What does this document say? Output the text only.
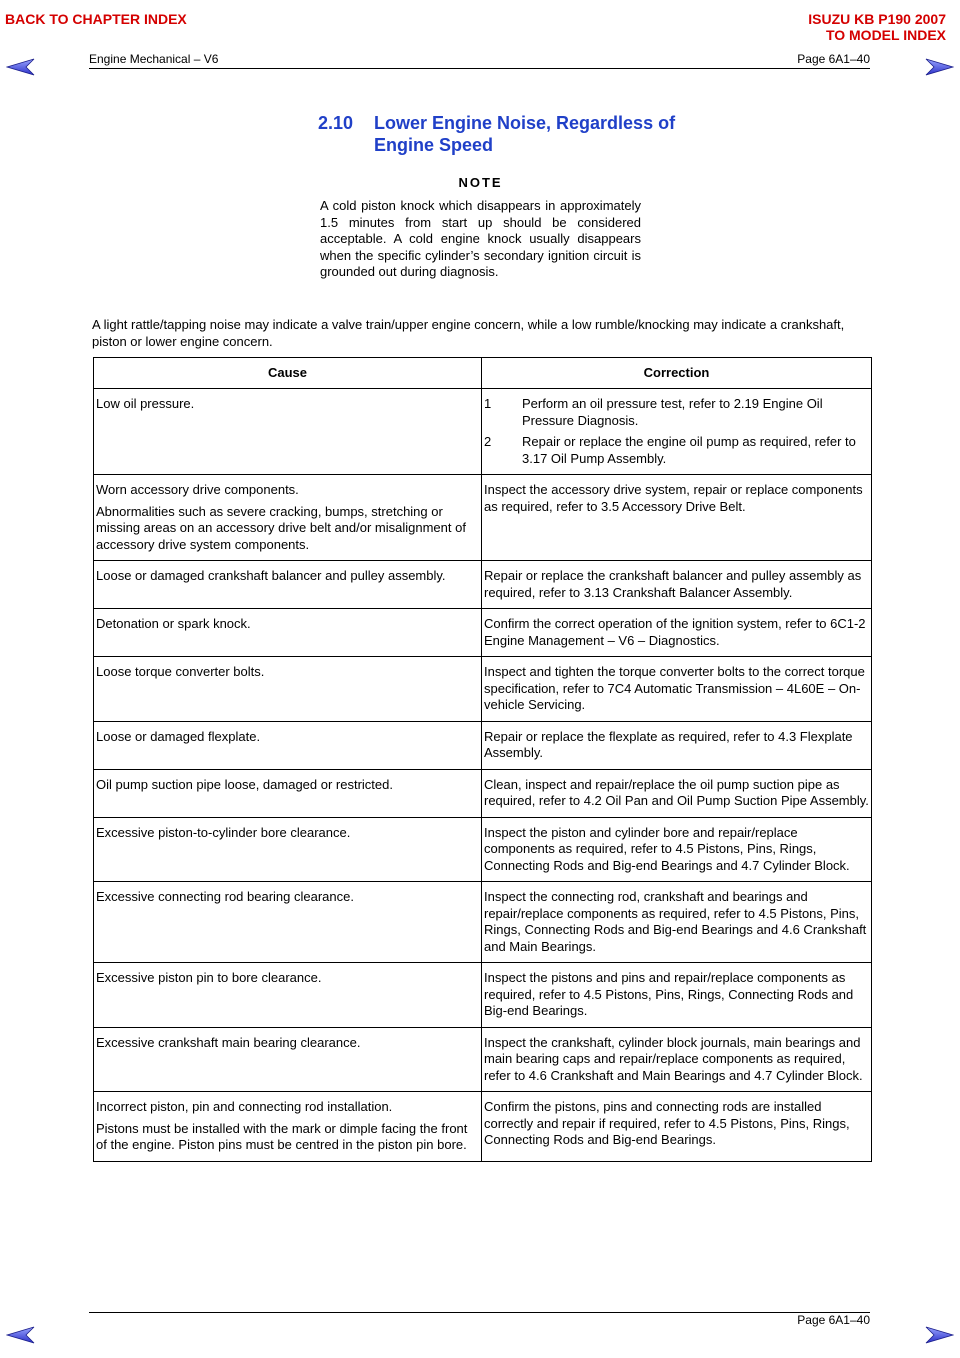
BACK TO CHAPTER INDEX	ISUZU KB P190 2007
TO MODEL INDEX
Engine Mechanical – V6	Page 6A1–40
2.10 Lower Engine Noise, Regardless of
Engine Speed
NOTE
A cold piston knock which disappears in approximately 1.5 minutes from start up should be considered acceptable. A cold engine knock usually disappears when the specific cylinder’s secondary ignition circuit is grounded out during diagnosis.
A light rattle/tapping noise may indicate a valve train/upper engine concern, while a low rumble/knocking may indicate a crankshaft, piston or lower engine concern.
Cause	Correction

Low oil pressure.	1 Perform an oil pressure test, refer to 2.19 Engine Oil Pressure Diagnosis.
2 Repair or replace the engine oil pump as required, refer to 3.17 Oil Pump Assembly.

Worn accessory drive components.

Abnormalities such as severe cracking, bumps, stretching or missing areas on an accessory drive belt and/or misalignment of accessory drive system components.	Inspect the accessory drive system, repair or replace components as required, refer to 3.5 Accessory Drive Belt.

Loose or damaged crankshaft balancer and pulley assembly.	Repair or replace the crankshaft balancer and pulley assembly as required, refer to 3.13 Crankshaft Balancer Assembly.

Detonation or spark knock.	Confirm the correct operation of the ignition system, refer to 6C1-2 Engine Management – V6 – Diagnostics.

Loose torque converter bolts.	Inspect and tighten the torque converter bolts to the correct torque specification, refer to 7C4 Automatic Transmission – 4L60E – On-vehicle Servicing.

Loose or damaged flexplate.	Repair or replace the flexplate as required, refer to 4.3 Flexplate Assembly.

Oil pump suction pipe loose, damaged or restricted.	Clean, inspect and repair/replace the oil pump suction pipe as required, refer to 4.2 Oil Pan and Oil Pump Suction Pipe Assembly.

Excessive piston-to-cylinder bore clearance.	Inspect the piston and cylinder bore and repair/replace components as required, refer to 4.5 Pistons, Pins, Rings, Connecting Rods and Big-end Bearings and 4.7 Cylinder Block.

Excessive connecting rod bearing clearance.	Inspect the connecting rod, crankshaft and bearings and repair/replace components as required, refer to 4.5 Pistons, Pins, Rings, Connecting Rods and Big-end Bearings and 4.6 Crankshaft and Main Bearings.

Excessive piston pin to bore clearance.	Inspect the pistons and pins and repair/replace components as required, refer to 4.5 Pistons, Pins, Rings, Connecting Rods and Big-end Bearings.

Excessive crankshaft main bearing clearance.	Inspect the crankshaft, cylinder block journals, main bearings and main bearing caps and repair/replace components as required, refer to 4.6 Crankshaft and Main Bearings and 4.7 Cylinder Block.

Incorrect piston, pin and connecting rod installation.

Pistons must be installed with the mark or dimple facing the front of the engine. Piston pins must be centred in the piston pin bore.	Confirm the pistons, pins and connecting rods are installed correctly and repair if required, refer to 4.5 Pistons, Pins, Rings, Connecting Rods and Big-end Bearings.

Page 6A1–40
